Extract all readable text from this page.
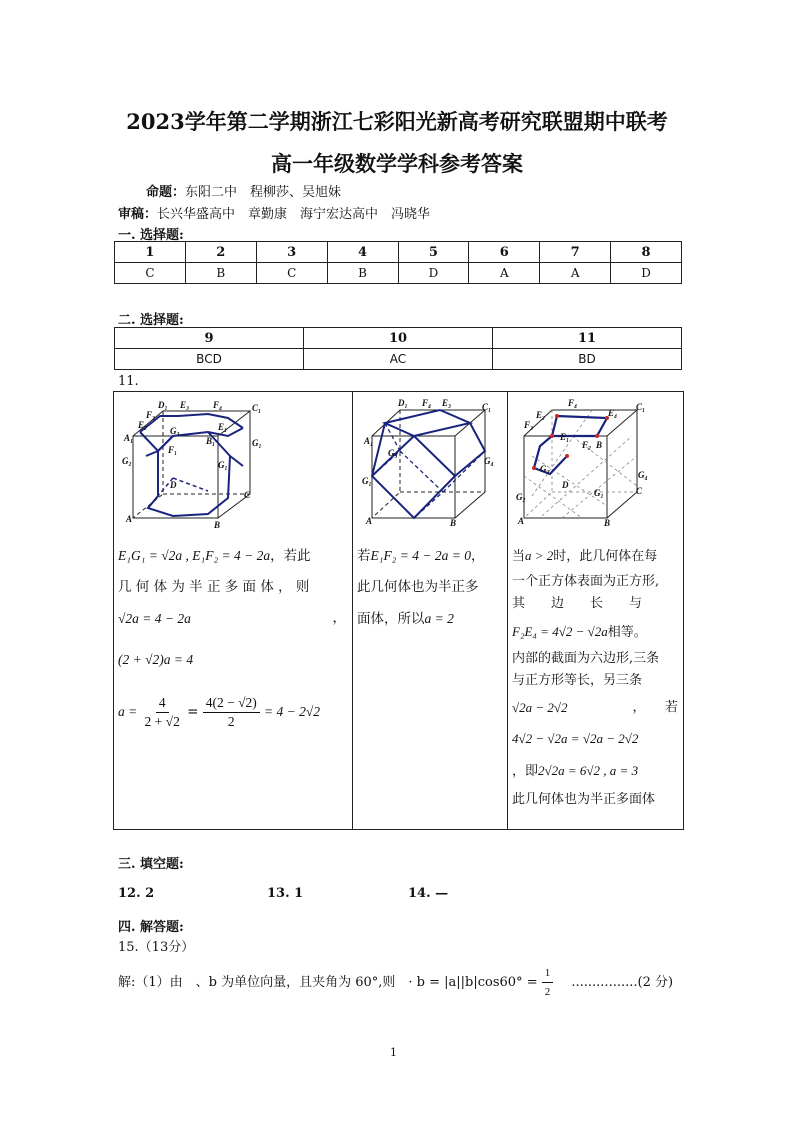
2023学年第二学期浙江七彩阳光新高考研究联盟期中联考
高一年级数学学科参考答案
命题：东阳二中　程柳莎、吴旭妹
审稿：长兴华盛高中　章勤康　海宁宏达高中　冯晓华
一. 选择题:
1	2	3	4	5	6	7	8
C	B	C	B	D	A	A	D
二. 选择题:
9	10	11
BCD	AC	BD
11.
D₁ E₃	F₄	C₁
F₃
E₂
G₃	E₁
B₁
A₁
F₁
G₁
G₂	G₁
D
C
A
B
D₁ F₄ E₃	C₁
A₁
G₃
G₁
G₄
A	B
E₂
F₄
E₄
C₁
F₃
E₁
F₂ B
G₃
G₄
D
C
G₂	G₁
A	B
E₁G₁ = √2a , E₁F₂ = 4 − 2a，若此
几 何 体 为 半 正 多 面 体 ， 则
√2a = 4 − 2a	，
(2 + √2)a = 4
$a = \frac{4}{2 + √2} = \frac{4(2 - √2)}{2} = 4 - 2√2$
若E₁F₂ = 4 − 2a = 0，
此几何体也为半正多
面体，所以a = 2
当a > 2时，此几何体在每
一个正方体表面为正方形,
其　　边　　长　　与
F₂E₄ = 4√2 − √2a相等。
内部的截面为六边形,三条
与正方形等长，另三条
√2a − 2√2	，　　若
4√2 − √2a = √2a − 2√2
，即2√2a = 6√2 , a = 3
此几何体也为半正多面体
三. 填空题:
12. 2	13. 1	14. —
四. 解答题:
15.（13分）
解:（1）由　、b 为单位向量，且夹角为 60°,则　· $b = |a||b|\cos 60^\circ = \frac{1}{2} ................(2$ 分)
1
